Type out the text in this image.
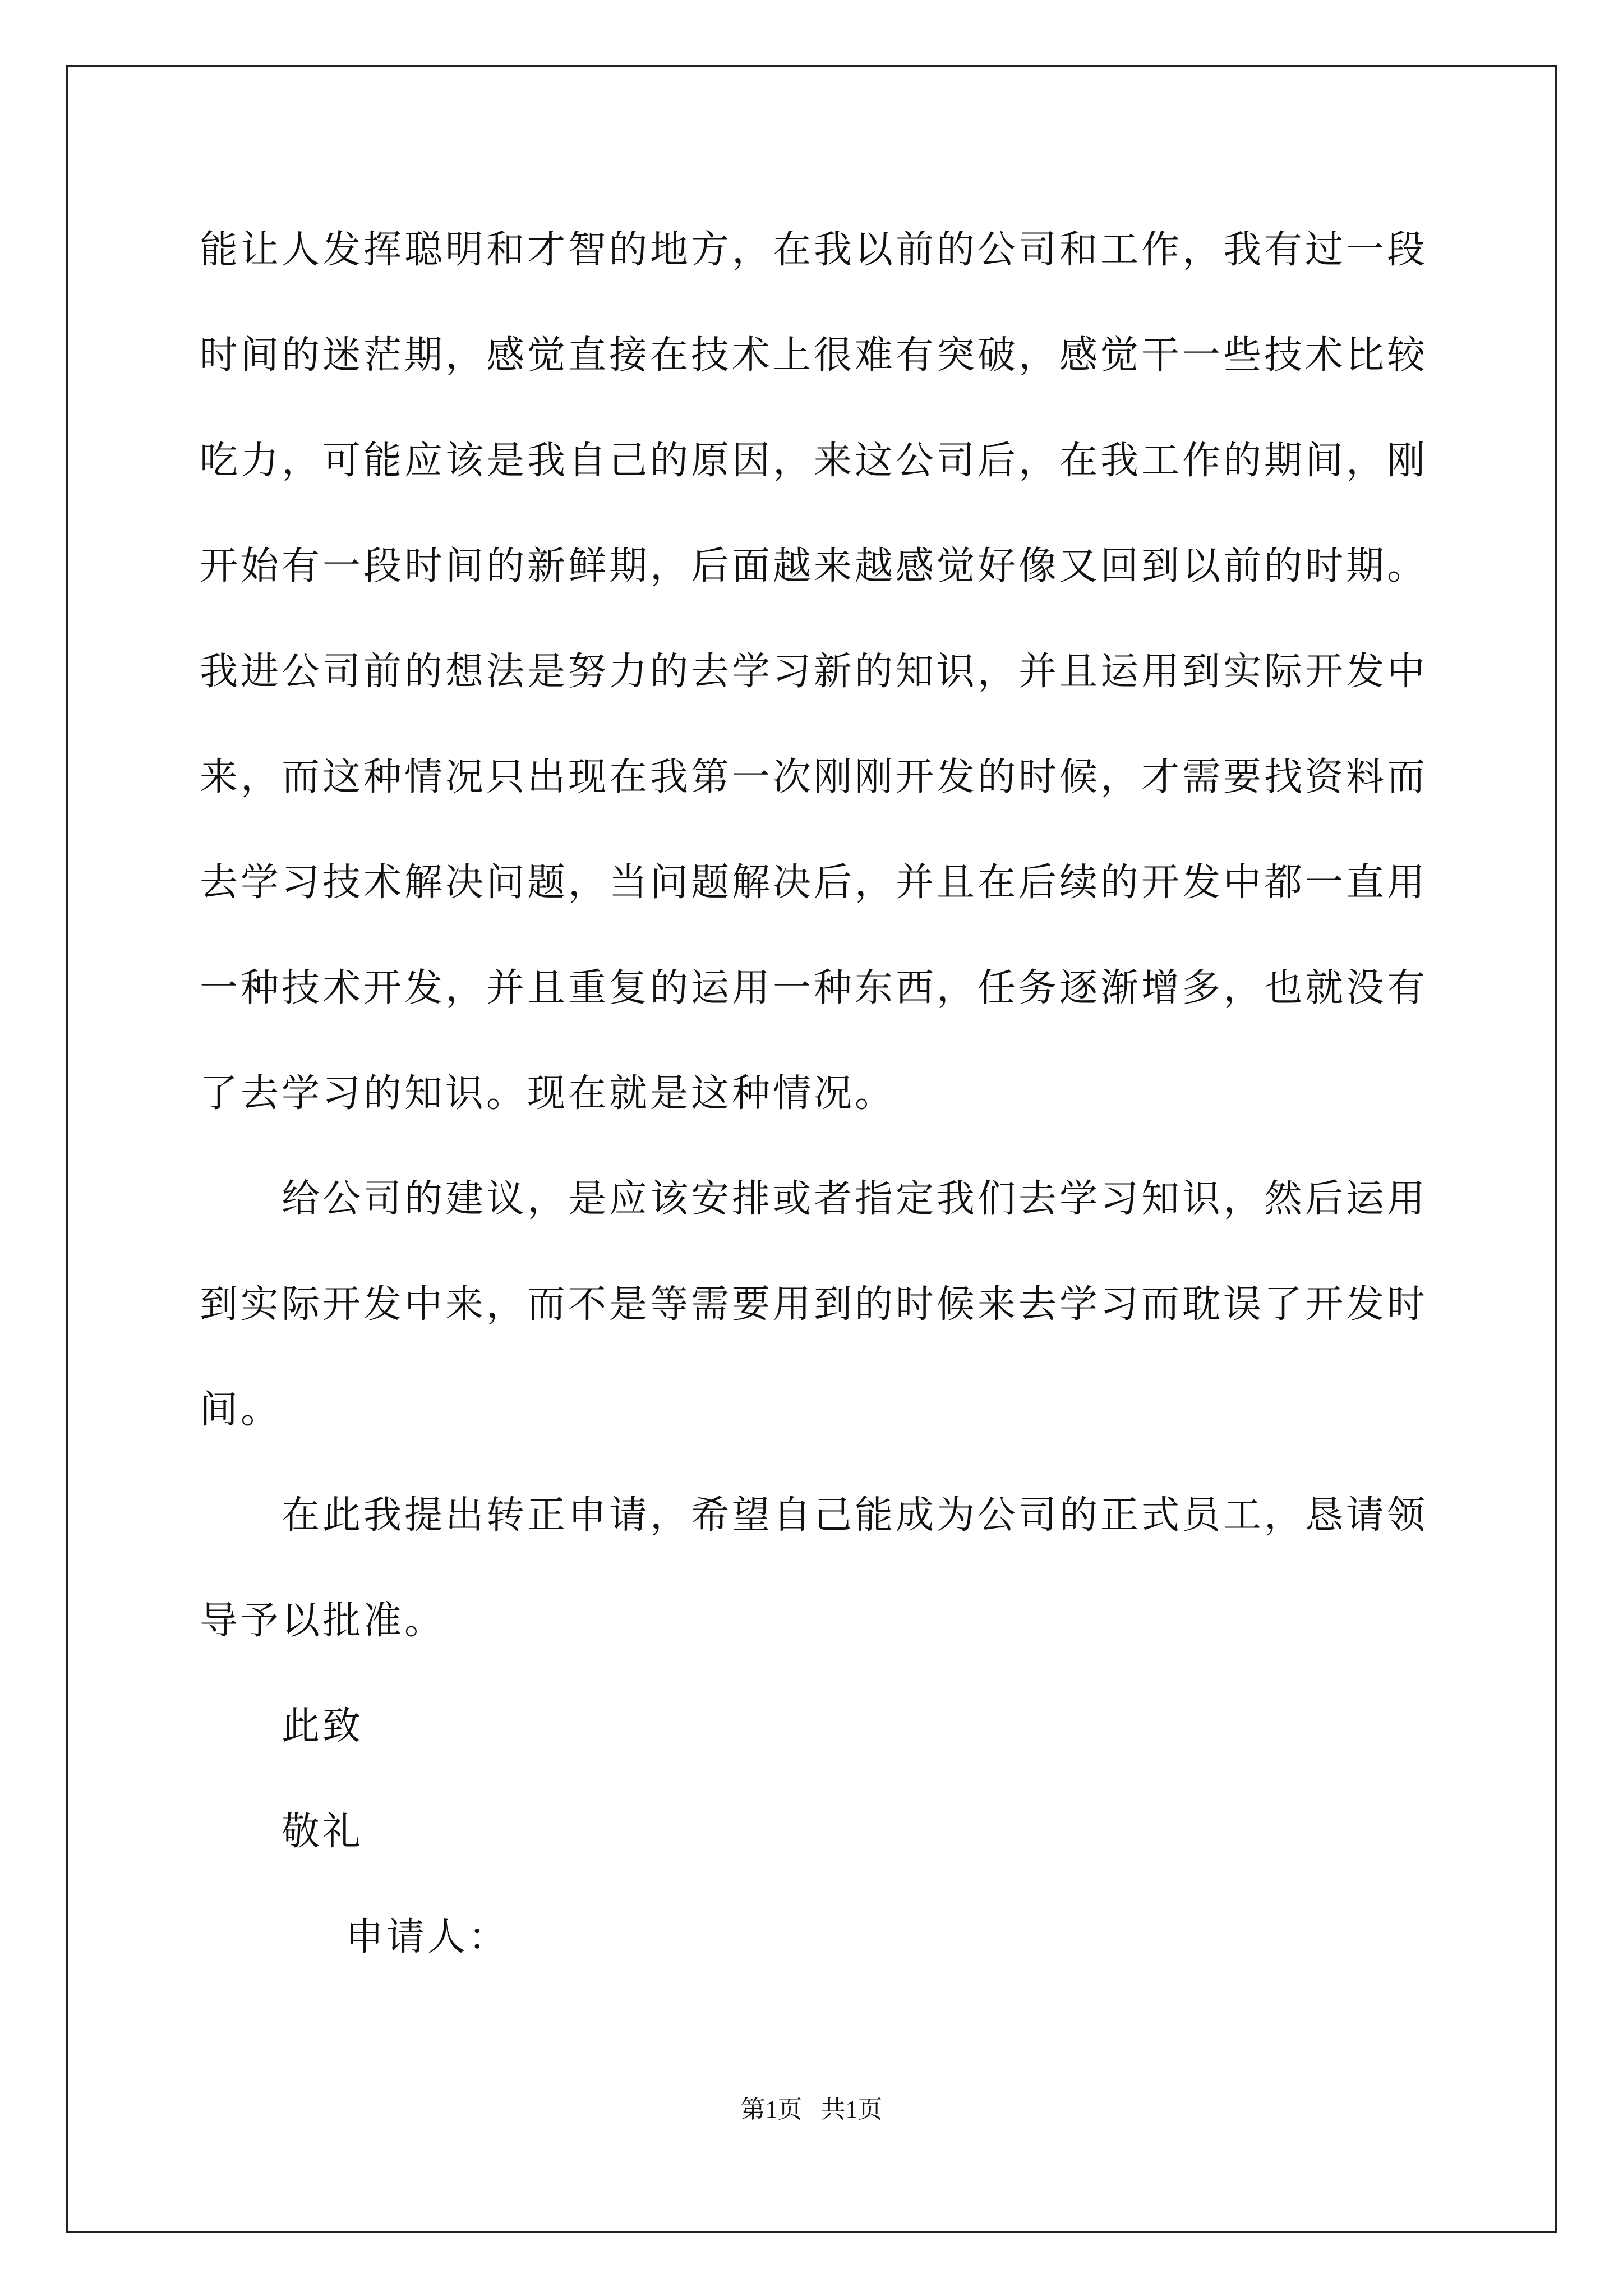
能让人发挥聪明和才智的地方，在我以前的公司和工作，我有过一段
时间的迷茫期，感觉直接在技术上很难有突破，感觉干一些技术比较
吃力，可能应该是我自己的原因，来这公司后，在我工作的期间，刚
开始有一段时间的新鲜期，后面越来越感觉好像又回到以前的时期。
我进公司前的想法是努力的去学习新的知识，并且运用到实际开发中
来，而这种情况只出现在我第一次刚刚开发的时候，才需要找资料而
去学习技术解决问题，当问题解决后，并且在后续的开发中都一直用
一种技术开发，并且重复的运用一种东西，任务逐渐增多，也就没有
了去学习的知识。现在就是这种情况。
给公司的建议，是应该安排或者指定我们去学习知识，然后运用
到实际开发中来，而不是等需要用到的时候来去学习而耽误了开发时
间。
在此我提出转正申请，希望自己能成为公司的正式员工，恳请领
导予以批准。
此致
敬礼
申请人：
第1页   共1页
